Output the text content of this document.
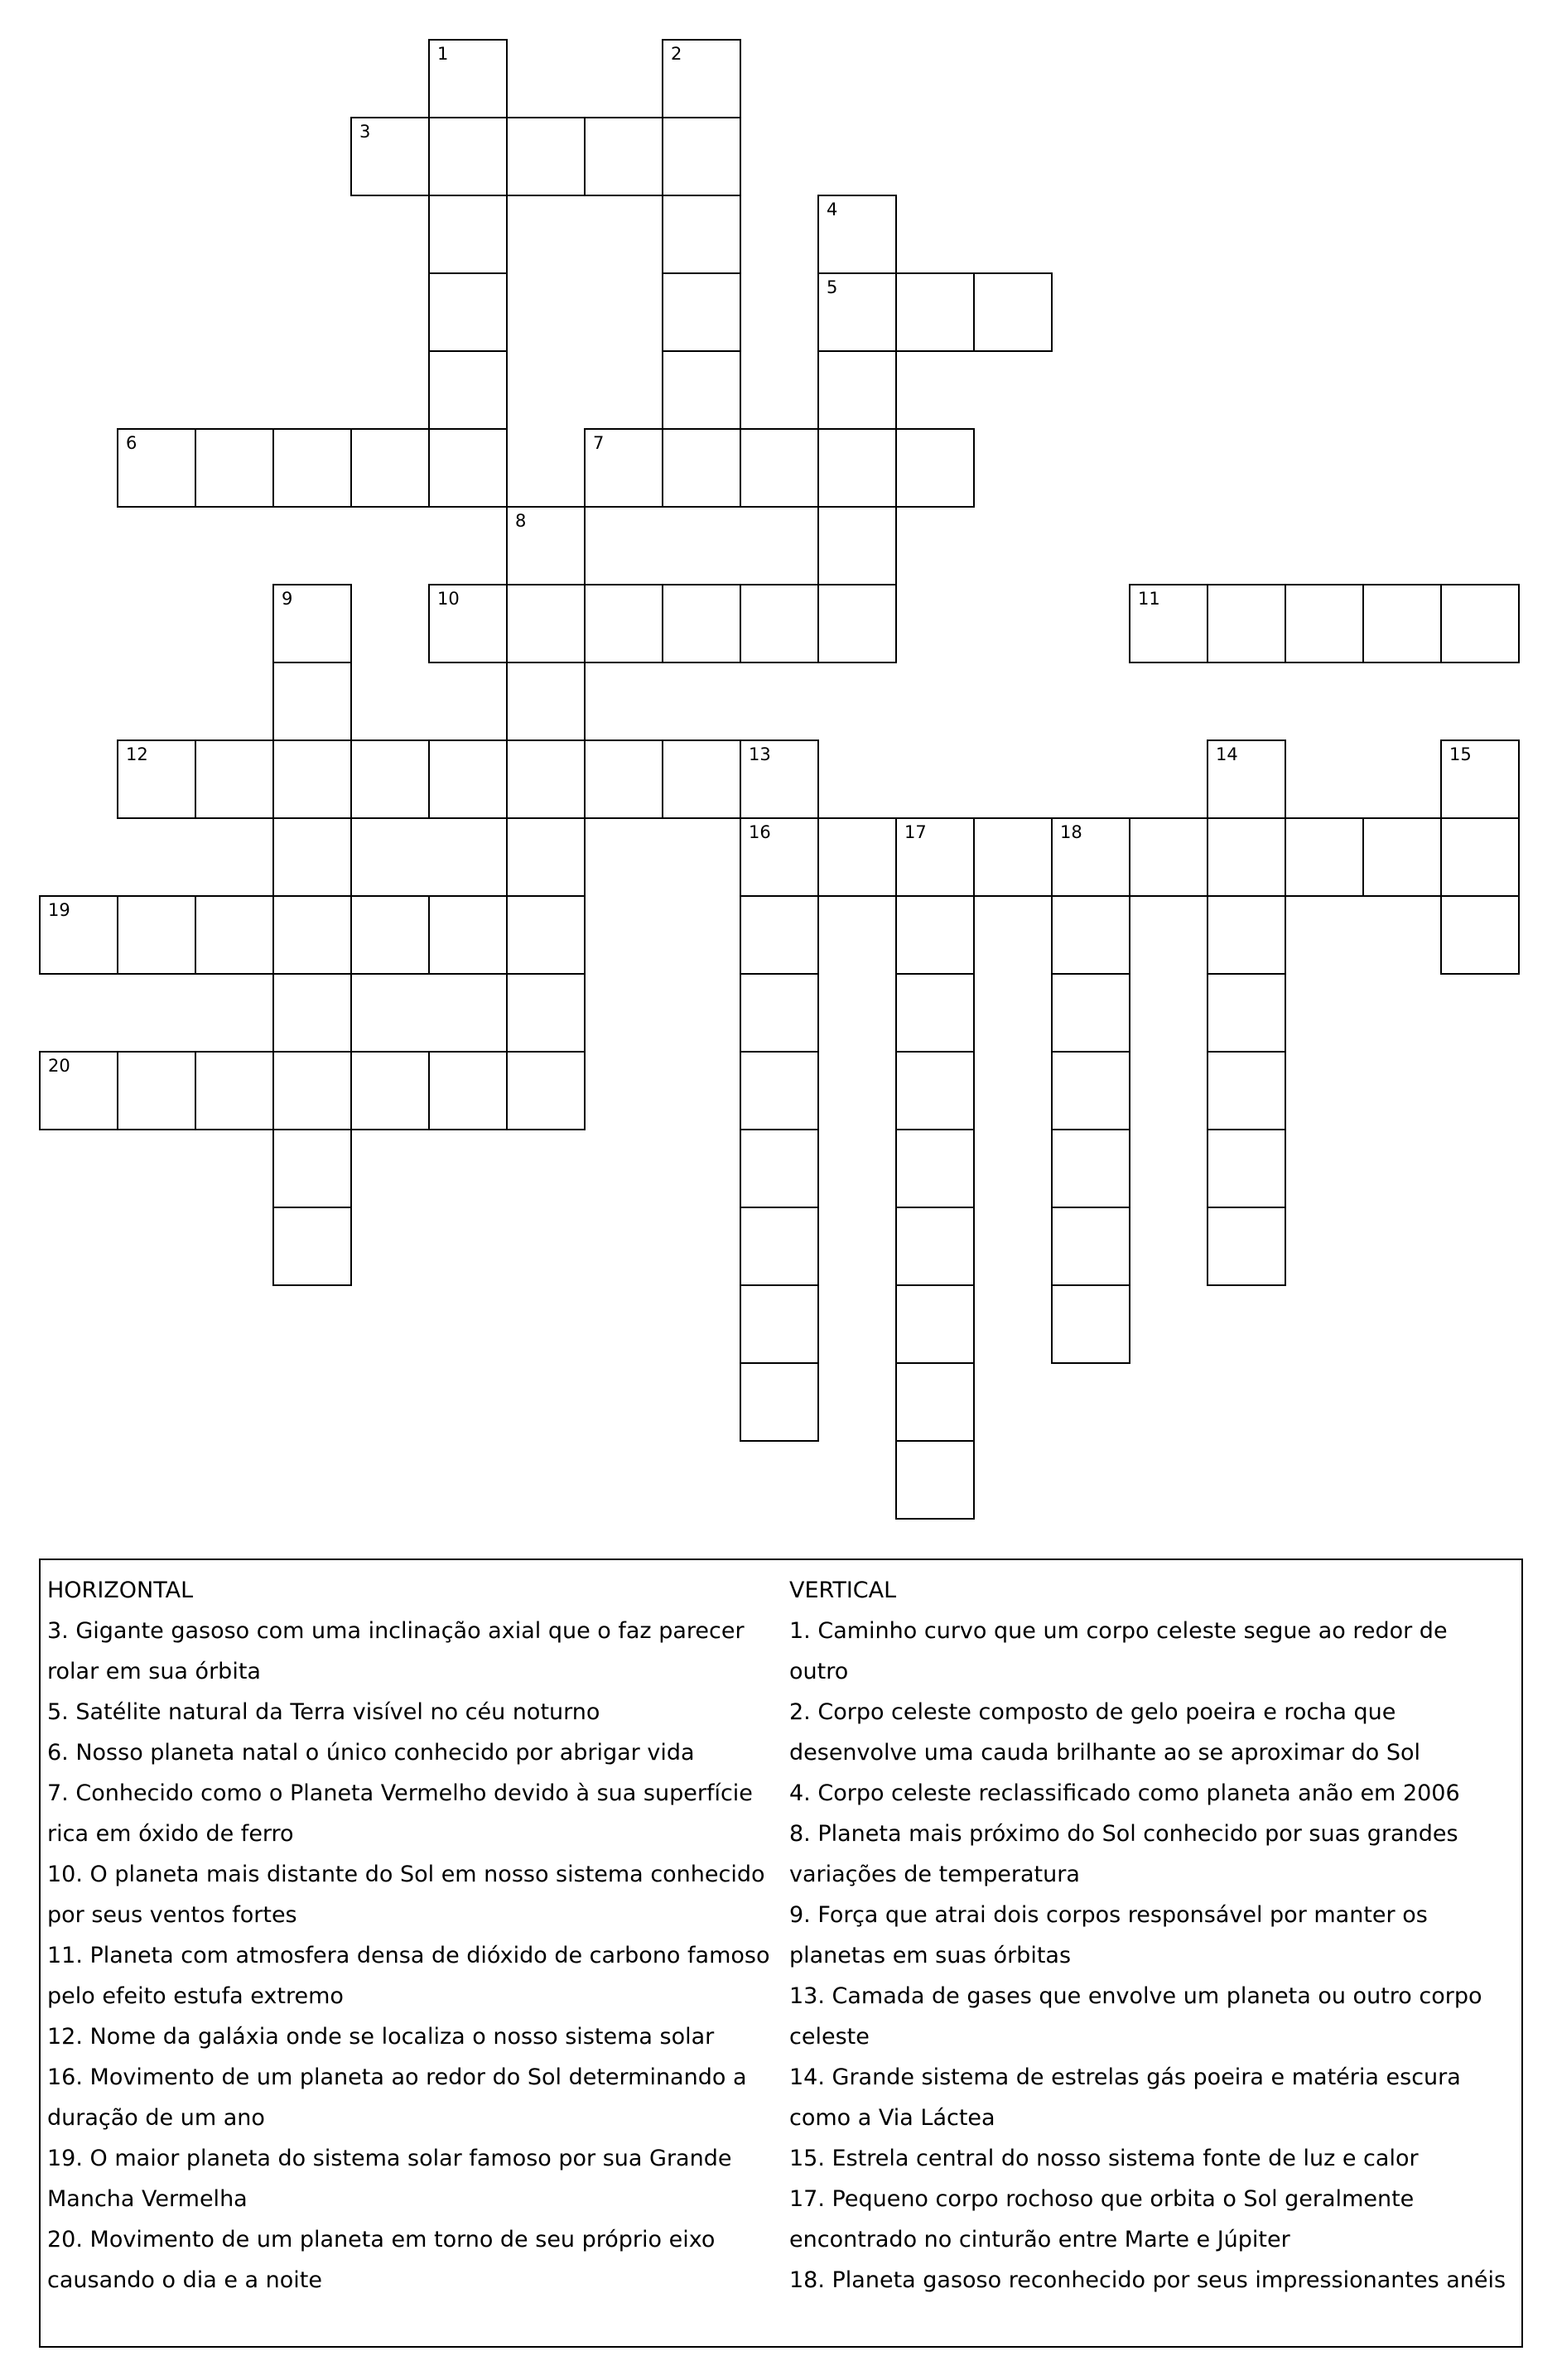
3
5
6	7
10	11
12	13
16	17	18
19
20
1	2
4
8
9
14	15

HORIZONTAL

3. Gigante gasoso com uma inclinação axial que o faz parecer rolar em sua órbita

5. Satélite natural da Terra visível no céu noturno

6. Nosso planeta natal o único conhecido por abrigar vida

7. Conhecido como o Planeta Vermelho devido à sua superfície rica em óxido de ferro

10. O planeta mais distante do Sol em nosso sistema conhecido por seus ventos fortes

11. Planeta com atmosfera densa de dióxido de carbono famoso pelo efeito estufa extremo

12. Nome da galáxia onde se localiza o nosso sistema solar

16. Movimento de um planeta ao redor do Sol determinando a duração de um ano

19. O maior planeta do sistema solar famoso por sua Grande Mancha Vermelha

20. Movimento de um planeta em torno de seu próprio eixo causando o dia e a noite

VERTICAL

1. Caminho curvo que um corpo celeste segue ao redor de outro

2. Corpo celeste composto de gelo poeira e rocha que desenvolve uma cauda brilhante ao se aproximar do Sol

4. Corpo celeste reclassificado como planeta anão em 2006

8. Planeta mais próximo do Sol conhecido por suas grandes variações de temperatura

9. Força que atrai dois corpos responsável por manter os planetas em suas órbitas

13. Camada de gases que envolve um planeta ou outro corpo celeste

14. Grande sistema de estrelas gás poeira e matéria escura como a Via Láctea

15. Estrela central do nosso sistema fonte de luz e calor

17. Pequeno corpo rochoso que orbita o Sol geralmente encontrado no cinturão entre Marte e Júpiter

18. Planeta gasoso reconhecido por seus impressionantes anéis
